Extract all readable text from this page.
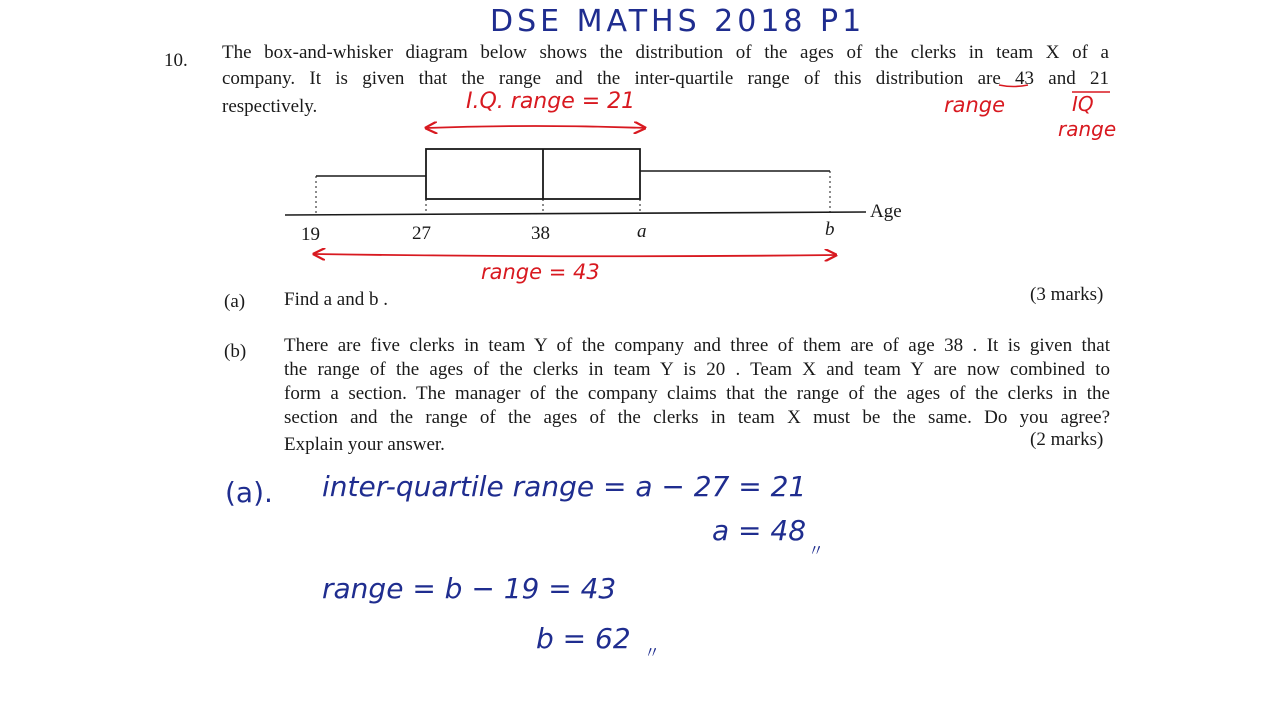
DSE MATHS 2018 P1
10. The box-and-whisker diagram below shows the distribution of the ages of the clerks in team X of a
company. It is given that the range and the inter-quartile range of this distribution are 43 and 21
respectively.
Age
19	27	38	a	b
I.Q. range = 21
range = 43
range	IQ
range
(a) Find a and b .	(3 marks)
(b) There are five clerks in team Y of the company and three of them are of age 38 . It is given that
the range of the ages of the clerks in team Y is 20 . Team X and team Y are now combined to
form a section. The manager of the company claims that the range of the ages of the clerks in the
section and the range of the ages of the clerks in team X must be the same. Do you agree?
Explain your answer.	(2 marks)
(a). inter-quartile range = a − 27 = 21
a = 48
〃
range = b − 19 = 43
b = 62 〃
